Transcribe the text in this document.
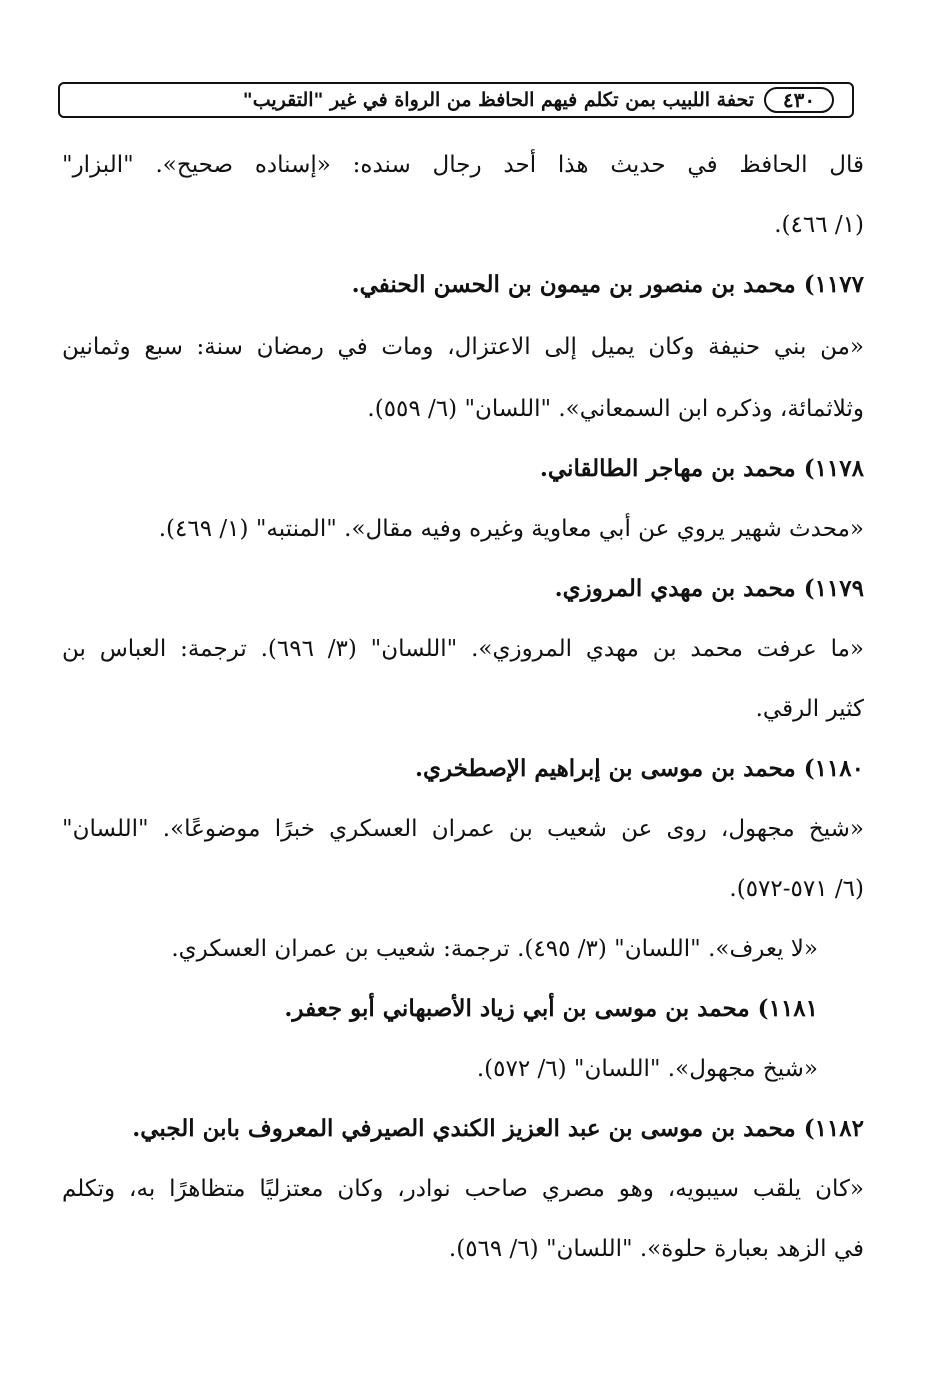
٤٣٠
تحفة اللبيب بمن تكلم فيهم الحافظ من الرواة في غير "التقريب"
قال الحافظ في حديث هذا أحد رجال سنده: «إسناده صحيح». "البزار"
(١/ ٤٦٦).
١١٧٧) محمد بن منصور بن ميمون بن الحسن الحنفي.
«من بني حنيفة وكان يميل إلى الاعتزال، ومات في رمضان سنة: سبع وثمانين
وثلاثمائة، وذكره ابن السمعاني». "اللسان" (٦/ ٥٥٩).
١١٧٨) محمد بن مهاجر الطالقاني.
«محدث شهير يروي عن أبي معاوية وغيره وفيه مقال». "المنتبه" (١/ ٤٦٩).
١١٧٩) محمد بن مهدي المروزي.
«ما عرفت محمد بن مهدي المروزي». "اللسان" (٣/ ٦٩٦). ترجمة: العباس بن
كثير الرقي.
١١٨٠) محمد بن موسى بن إبراهيم الإصطخري.
«شيخ مجهول، روى عن شعيب بن عمران العسكري خبرًا موضوعًا». "اللسان"
(٦/ ٥٧١-٥٧٢).
«لا يعرف». "اللسان" (٣/ ٤٩٥). ترجمة: شعيب بن عمران العسكري.
١١٨١) محمد بن موسى بن أبي زياد الأصبهاني أبو جعفر.
«شيخ مجهول». "اللسان" (٦/ ٥٧٢).
١١٨٢) محمد بن موسى بن عبد العزيز الكندي الصيرفي المعروف بابن الجبي.
«كان يلقب سيبويه، وهو مصري صاحب نوادر، وكان معتزليًا متظاهرًا به، وتكلم
في الزهد بعبارة حلوة». "اللسان" (٦/ ٥٦٩).
